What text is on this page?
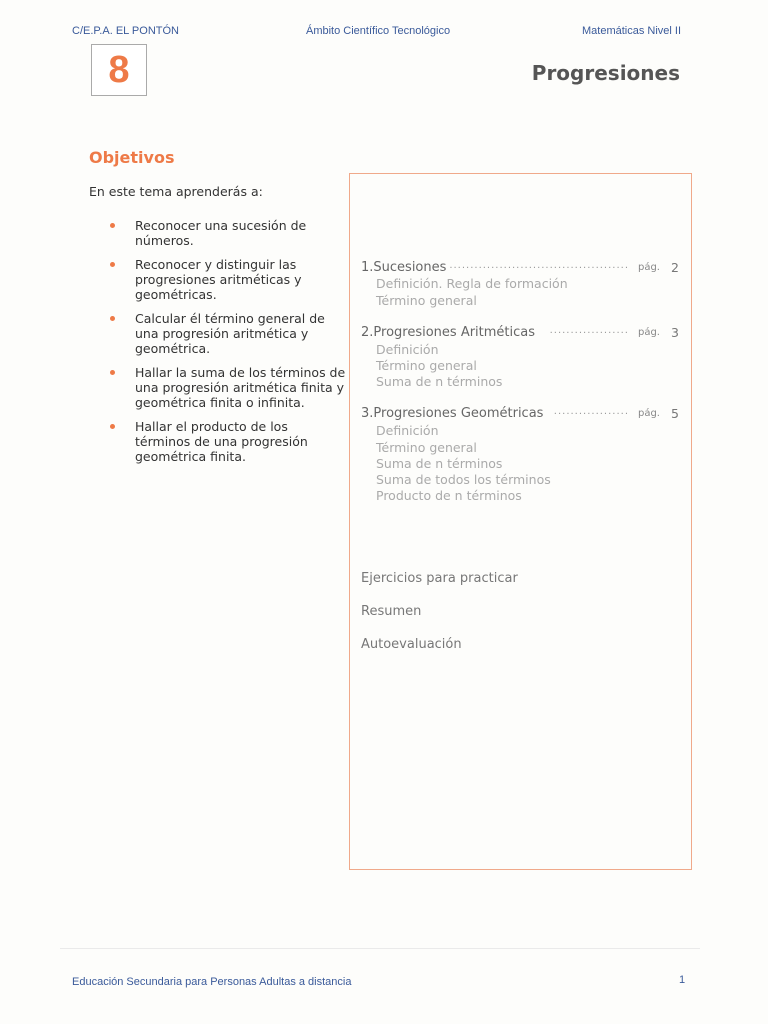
C/E.P.A. EL PONTÓN	Ámbito Científico Tecnológico	Matemáticas Nivel II
8	Progresiones
Objetivos
En este tema aprenderás a:
Reconocer una sucesión de números.
Reconocer y distinguir las progresiones aritméticas y geométricas.
Calcular él término general de una progresión aritmética y geométrica.
Hallar la suma de los términos de una progresión aritmética finita y geométrica finita o infinita.
Hallar el producto de los términos de una progresión geométrica finita.
...........................................
1.Sucesiones	pág. 2
Definición. Regla de formación
Término general
...................
2.Progresiones Aritméticas	pág. 3
Definición
Término general
Suma de n términos
..................
3.Progresiones Geométricas	pág. 5
Definición
Término general
Suma de n términos
Suma de todos los términos
Producto de n términos
Ejercicios para practicar
Resumen
Autoevaluación
Educación Secundaria para Personas Adultas a distancia	1
